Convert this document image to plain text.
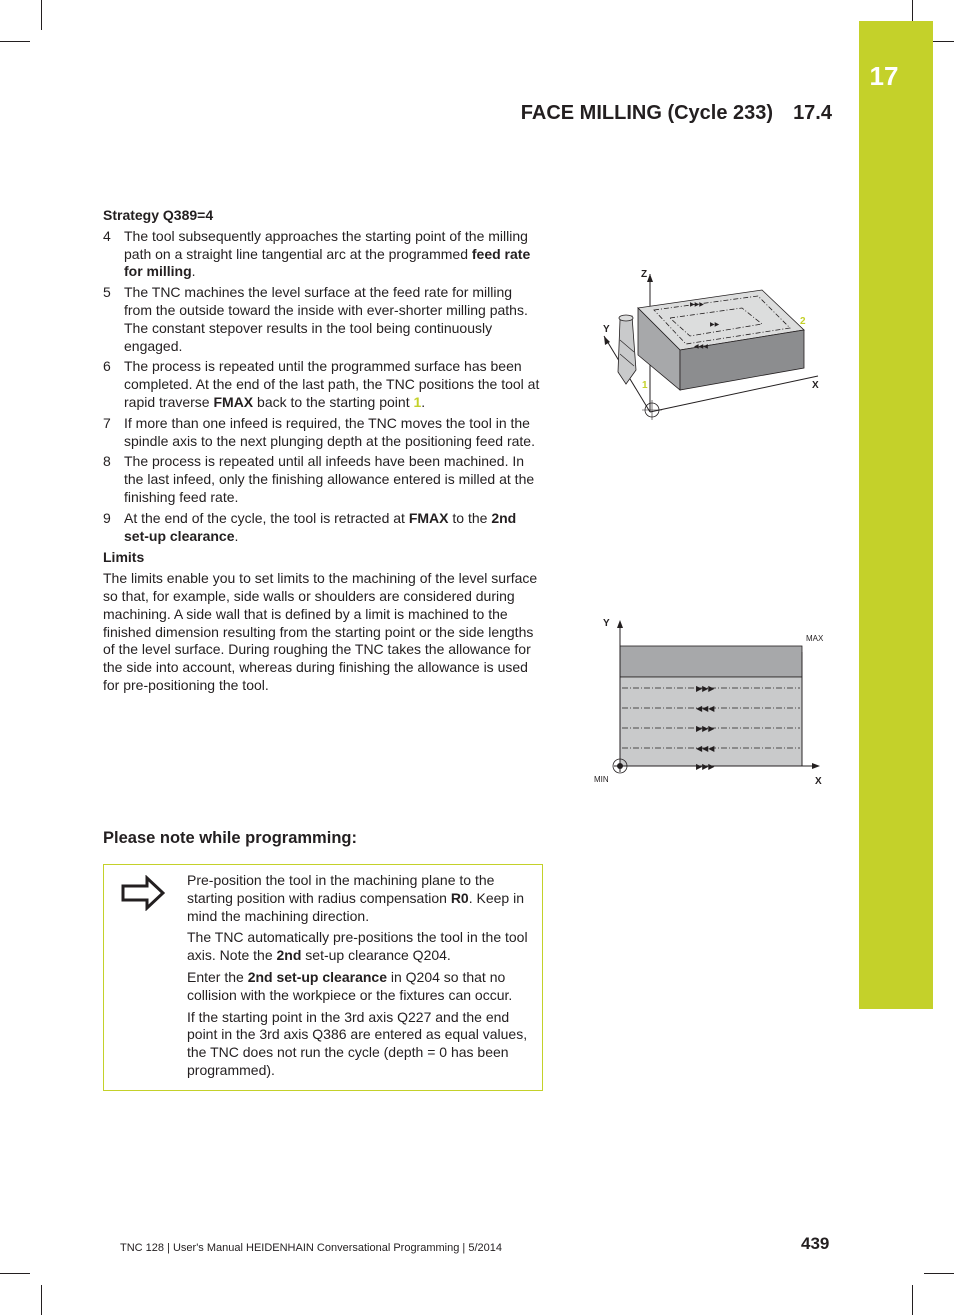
17
FACE MILLING (Cycle 233) 17.4
Strategy Q389=4
4 The tool subsequently approaches the starting point of the milling path on a straight line tangential arc at the programmed feed rate for milling.
5 The TNC machines the level surface at the feed rate for milling from the outside toward the inside with ever-shorter milling paths. The constant stepover results in the tool being continuously engaged.
6 The process is repeated until the programmed surface has been completed. At the end of the last path, the TNC positions the tool at rapid traverse FMAX back to the starting point 1.
7 If more than one infeed is required, the TNC moves the tool in the spindle axis to the next plunging depth at the positioning feed rate.
8 The process is repeated until all infeeds have been machined. In the last infeed, only the finishing allowance entered is milled at the finishing feed rate.
9 At the end of the cycle, the tool is retracted at FMAX to the 2nd set-up clearance.
Limits
The limits enable you to set limits to the machining of the level surface so that, for example, side walls or shoulders are considered during machining. A side wall that is defined by a limit is machined to the finished dimension resulting from the starting point or the side lengths of the level surface. During roughing the TNC takes the allowance for the side into account, whereas during finishing the allowance is used for pre-positioning the tool.
▶▶▶
◀◀◀
▶▶
Z
Y
X
1
2
▶▶▶
◀◀◀
▶▶▶
◀◀◀
▶▶▶
Y
X
MAX
MIN
Please note while programming:

Pre-position the tool in the machining plane to the starting position with radius compensation R0. Keep in mind the machining direction.

The TNC automatically pre-positions the tool in the tool axis. Note the 2nd set-up clearance Q204.

Enter the 2nd set-up clearance in Q204 so that no collision with the workpiece or the fixtures can occur.

If the starting point in the 3rd axis Q227 and the end point in the 3rd axis Q386 are entered as equal values, the TNC does not run the cycle (depth = 0 has been programmed).

TNC 128 | User's Manual HEIDENHAIN Conversational Programming | 5/2014	439
